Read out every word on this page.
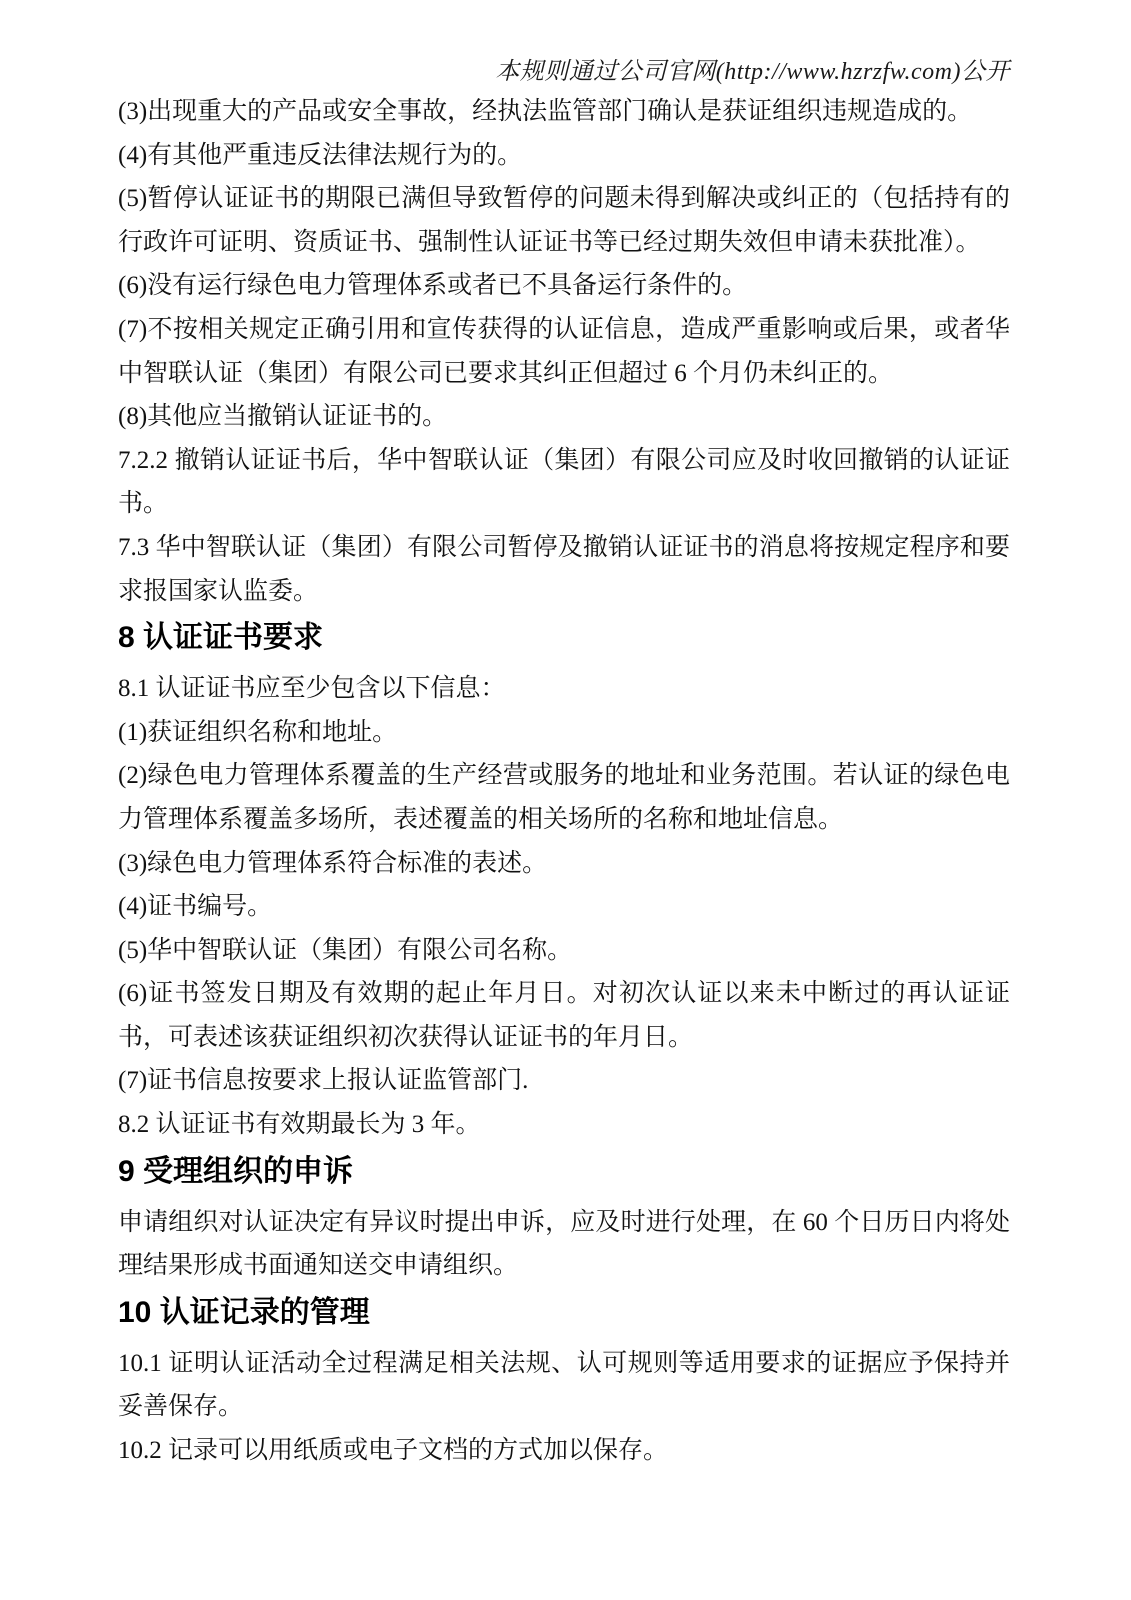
本规则通过公司官网(http://www.hzrzfw.com)公开

(3)出现重大的产品或安全事故，经执法监管部门确认是获证组织违规造成的。

(4)有其他严重违反法律法规行为的。

(5)暂停认证证书的期限已满但导致暂停的问题未得到解决或纠正的（包括持有的行政许可证明、资质证书、强制性认证证书等已经过期失效但申请未获批准）。

(6)没有运行绿色电力管理体系或者已不具备运行条件的。

(7)不按相关规定正确引用和宣传获得的认证信息，造成严重影响或后果，或者华中智联认证（集团）有限公司已要求其纠正但超过 6 个月仍未纠正的。

(8)其他应当撤销认证证书的。

7.2.2 撤销认证证书后，华中智联认证（集团）有限公司应及时收回撤销的认证证书。

7.3 华中智联认证（集团）有限公司暂停及撤销认证证书的消息将按规定程序和要求报国家认监委。

8 认证证书要求

8.1 认证证书应至少包含以下信息：

(1)获证组织名称和地址。

(2)绿色电力管理体系覆盖的生产经营或服务的地址和业务范围。若认证的绿色电力管理体系覆盖多场所，表述覆盖的相关场所的名称和地址信息。

(3)绿色电力管理体系符合标准的表述。

(4)证书编号。

(5)华中智联认证（集团）有限公司名称。

(6)证书签发日期及有效期的起止年月日。对初次认证以来未中断过的再认证证书，可表述该获证组织初次获得认证证书的年月日。

(7)证书信息按要求上报认证监管部门.

8.2 认证证书有效期最长为 3 年。

9 受理组织的申诉

申请组织对认证决定有异议时提出申诉，应及时进行处理，在 60 个日历日内将处理结果形成书面通知送交申请组织。

10 认证记录的管理

10.1 证明认证活动全过程满足相关法规、认可规则等适用要求的证据应予保持并妥善保存。

10.2 记录可以用纸质或电子文档的方式加以保存。
